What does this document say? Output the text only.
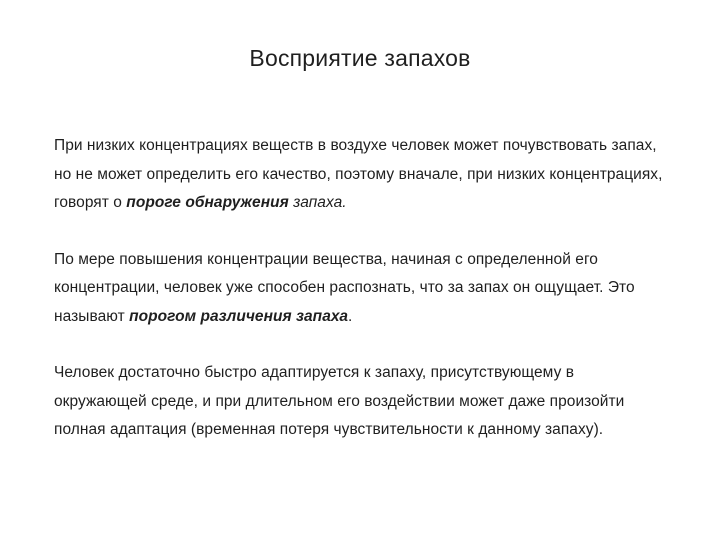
Восприятие запахов

При низких концентрациях веществ в воздухе человек может почувствовать запах, но не может определить его качество, поэтому вначале, при низких концентрациях, говорят о пороге обнаружения запаха.

По мере повышения концентрации вещества, начиная с определенной его концентрации, человек уже способен распознать, что за запах он ощущает. Это называют порогом различения запаха.

Человек достаточно быстро адаптируется к запаху, присутствующему в окружающей среде, и при длительном его воздействии может даже произойти полная адаптация (временная потеря чувствительности к данному запаху).
